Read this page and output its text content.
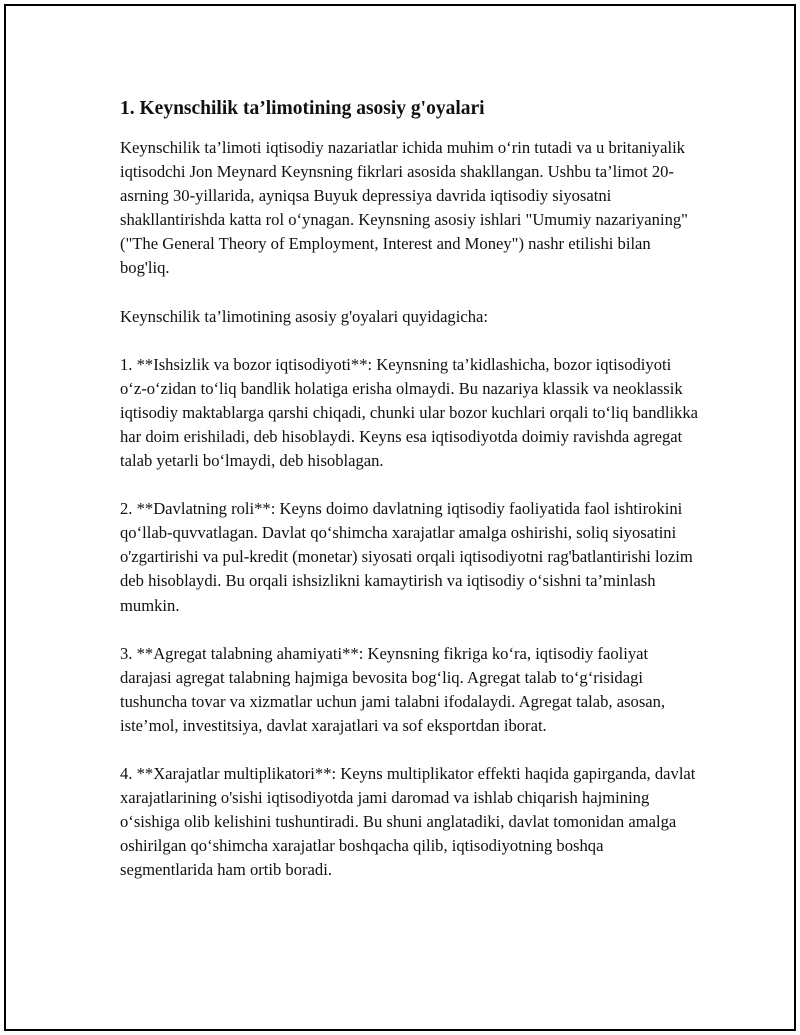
1. Keynschilik ta’limotining asosiy g'oyalari

Keynschilik ta’limoti iqtisodiy nazariatlar ichida muhim o‘rin tutadi va u britaniyalik iqtisodchi Jon Meynard Keynsning fikrlari asosida shakllangan. Ushbu ta’limot 20-asrning 30-yillarida, ayniqsa Buyuk depressiya davrida iqtisodiy siyosatni shakllantirishda katta rol o‘ynagan. Keynsning asosiy ishlari "Umumiy nazariyaning" ("The General Theory of Employment, Interest and Money") nashr etilishi bilan bog'liq.

Keynschilik ta’limotining asosiy g'oyalari quyidagicha:

1. **Ishsizlik va bozor iqtisodiyoti**: Keynsning ta’kidlashicha, bozor iqtisodiyoti o‘z-o‘zidan to‘liq bandlik holatiga erisha olmaydi. Bu nazariya klassik va neoklassik iqtisodiy maktablarga qarshi chiqadi, chunki ular bozor kuchlari orqali to‘liq bandlikka har doim erishiladi, deb hisoblaydi. Keyns esa iqtisodiyotda doimiy ravishda agregat talab yetarli bo‘lmaydi, deb hisoblagan.

2. **Davlatning roli**: Keyns doimo davlatning iqtisodiy faoliyatida faol ishtirokini qo‘llab-quvvatlagan. Davlat qo‘shimcha xarajatlar amalga oshirishi, soliq siyosatini o'zgartirishi va pul-kredit (monetar) siyosati orqali iqtisodiyotni rag'batlantirishi lozim deb hisoblaydi. Bu orqali ishsizlikni kamaytirish va iqtisodiy o‘sishni ta’minlash mumkin.

3. **Agregat talabning ahamiyati**: Keynsning fikriga ko‘ra, iqtisodiy faoliyat darajasi agregat talabning hajmiga bevosita bog‘liq. Agregat talab to‘g‘risidagi tushuncha tovar va xizmatlar uchun jami talabni ifodalaydi. Agregat talab, asosan, iste’mol, investitsiya, davlat xarajatlari va sof eksportdan iborat.

4. **Xarajatlar multiplikatori**: Keyns multiplikator effekti haqida gapirganda, davlat xarajatlarining o'sishi iqtisodiyotda jami daromad va ishlab chiqarish hajmining o‘sishiga olib kelishini tushuntiradi. Bu shuni anglatadiki, davlat tomonidan amalga oshirilgan qo‘shimcha xarajatlar boshqacha qilib, iqtisodiyotning boshqa segmentlarida ham ortib boradi.
